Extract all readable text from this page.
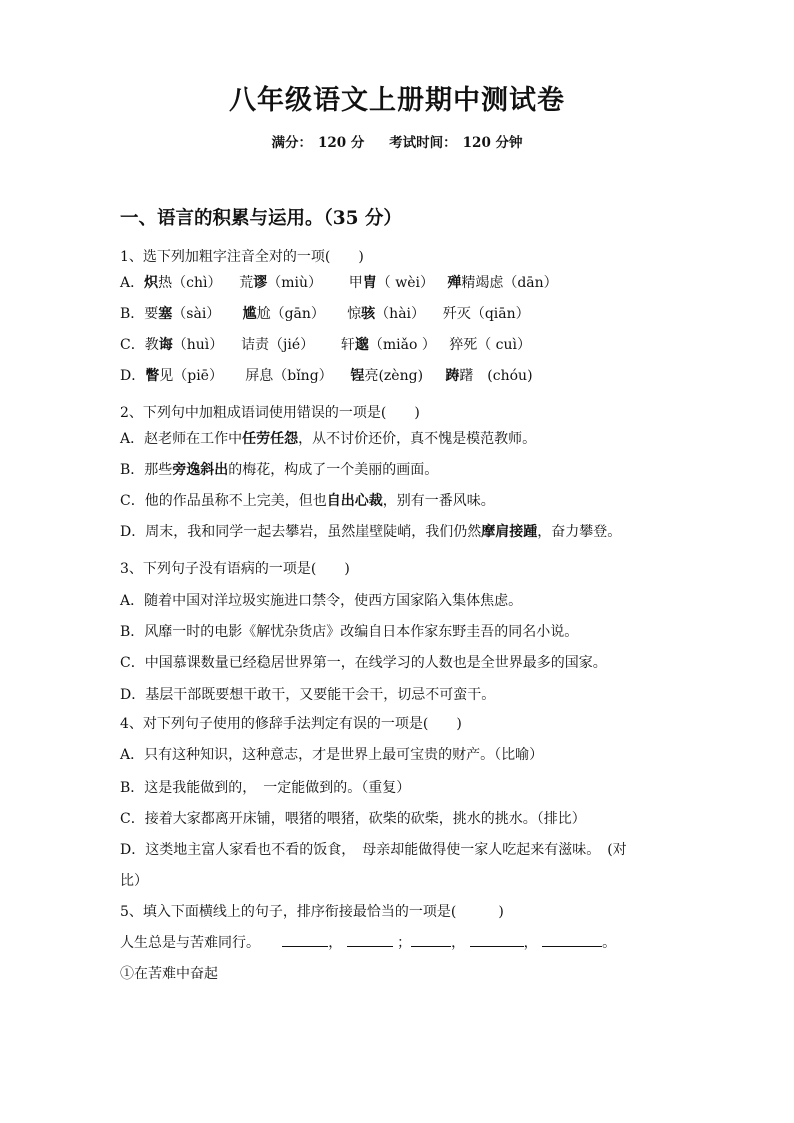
八年级语文上册期中测试卷
满分： 120 分 考试时间： 120 分钟
一、语言的积累与运用。（35 分）
1、选下列加粗字注音全对的一项(　　)
A．炽热（chì） 荒谬（miù） 甲胄（ wèi） 殚精竭虑（dān）
B．要塞（sài） 尴尬（gān） 惊骇（hài） 歼灭（qiān）
C．教诲（huì） 诘责（jié） 轩邈（miǎo ） 猝死（ cuì）
D．瞥见（piē） 屏息（bǐng） 锃亮(zèng) 踌躇　(chóu)
2、下列句中加粗成语词使用错误的一项是(　　)
A．赵老师在工作中任劳任怨，从不讨价还价，真不愧是模范教师。
B．那些旁逸斜出的梅花，构成了一个美丽的画面。
C．他的作品虽称不上完美，但也自出心裁，别有一番风味。
D．周末，我和同学一起去攀岩，虽然崖壁陡峭，我们仍然摩肩接踵，奋力攀登。
3、下列句子没有语病的一项是(　　)
A．随着中国对洋垃圾实施进口禁令，使西方国家陷入集体焦虑。
B．风靡一时的电影《解忧杂货店》改编自日本作家东野圭吾的同名小说。
C．中国慕课数量已经稳居世界第一，在线学习的人数也是全世界最多的国家。
D．基层干部既要想干敢干，又要能干会干，切忌不可蛮干。
4、对下列句子使用的修辞手法判定有误的一项是(　　)
A．只有这种知识，这种意志，才是世界上最可宝贵的财产。（比喻）
B．这是我能做到的，　一定能做到的。（重复）
C．接着大家都离开床铺，喂猪的喂猪，砍柴的砍柴，挑水的挑水。（排比）
D．这类地主富人家看也不看的饭食，　母亲却能做得使一家人吃起来有滋味。　(对
比）
5、填入下面横线上的句子，排序衔接最恰当的一项是(　　　)
人生总是与苦难同行。	，	；	，	，	。
①在苦难中奋起
